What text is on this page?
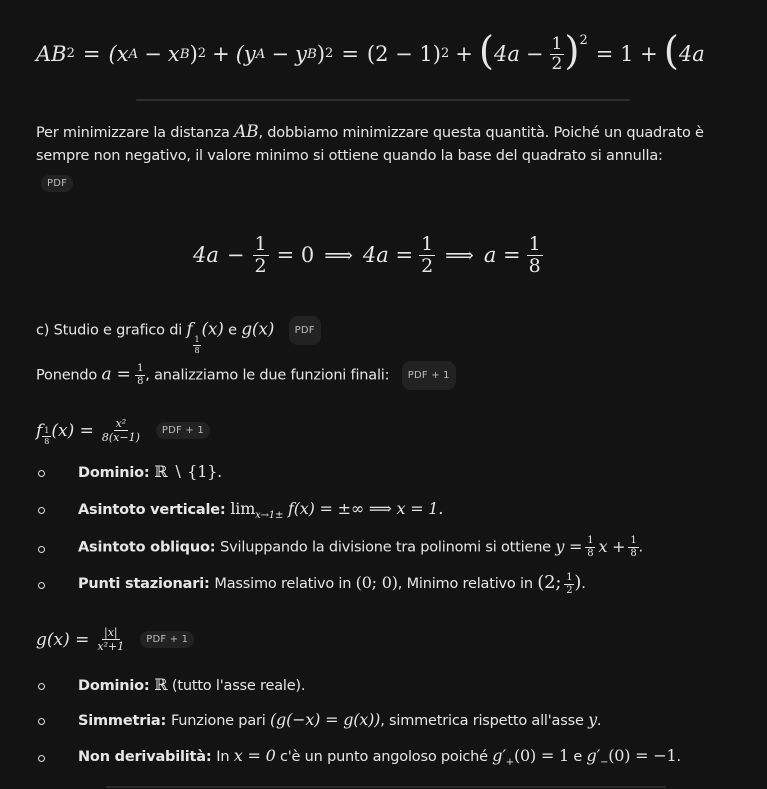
AB 2 = (x A − x B ) 2 + (y A − y B ) 2 = (2 − 1) 2 + ( $4a - \frac{1}{2}$ ) 2
= 1 + ( 4a
Per minimizzare la distanza AB, dobbiamo minimizzare questa quantità. Poiché un quadrato è
sempre non negativo, il valore minimo si ottiene quando la base del quadrato si annulla:
PDF
$4a - \frac{1}{2} = 0$ ⟹ $4a = \frac{1}{2}$ ⟹ $a = \frac{1}{8}$
c) Studio e grafico di f
$\frac{1}{8}$
(x) e g(x) PDF
Ponendo $a = \frac{1}{8}$ , analizziamo le due funzioni finali: PDF + 1
f $\frac{1}{8} (x) = \frac{\text{x²}}{8(x-1)}$	PDF + 1
Dominio: ℝ ∖ {1}.
Asintoto verticale: $\lim_{x\to 1\pm} f(x)$ = ±∞ ⟹ x = 1.
Asintoto obliquo: Sviluppando la divisione tra polinomi si ottiene $y = \frac{1}{8}$ $x + \frac{1}{8}$ .
Punti stazionari: Massimo relativo in (0; 0), Minimo relativo in (2; $\frac{1}{2}$ ).
$g(x) = \frac{|x|}{\text{x²+1}}$	PDF + 1
Dominio: ℝ (tutto l'asse reale).
Simmetria: Funzione pari (g(−x) = g(x)), simmetrica rispetto all'asse y.
Non derivabilità: In x = 0 c'è un punto angoloso poiché $g'_+(0) = 1$ e $g'_-(0) = -1$.
